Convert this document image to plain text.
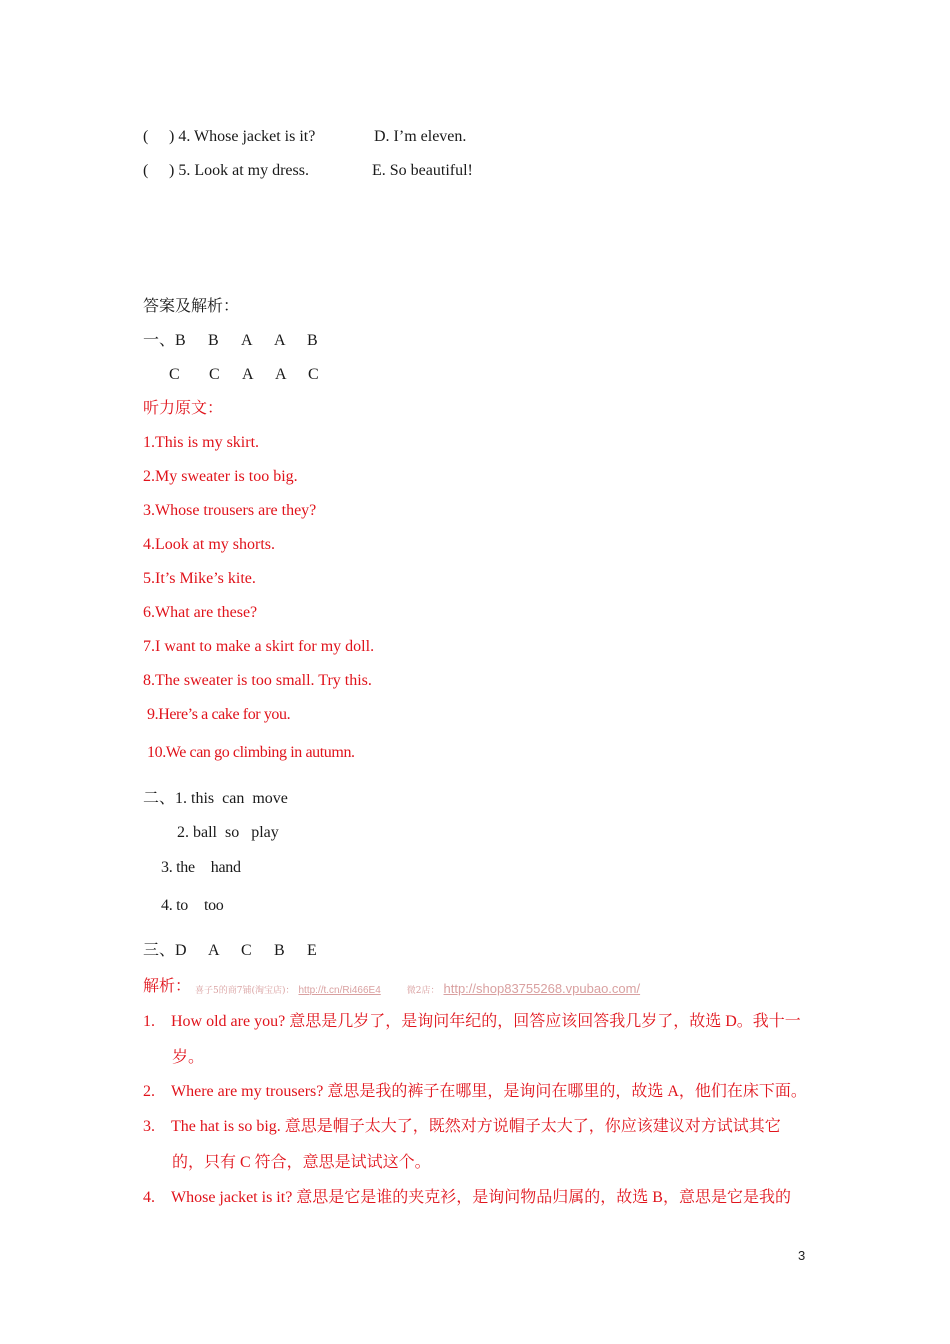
( ) 4. Whose jacket is it?	D. I’m eleven.
( ) 5. Look at my dress.	E. So beautiful!
答案及解析：
一、B B A A B
C C A A C
听力原文：
1.This is my skirt.
2.My sweater is too big.
3.Whose trousers are they?
4.Look at my shorts.
5.It’s Mike’s kite.
6.What are these?
7.I want to make a skirt for my doll.
8.The sweater is too small. Try this.
9.Here’s a cake for you.
10.We can go climbing in autumn.
二、1. this can move
2. ball so play
3. the hand
4. to too
三、D A C B E
解析： 喜子5的商7铺(淘宝店)： http://t.cn/Ri466E4	微2店： http://shop83755268.vpubao.com/
1. How old are you? 意思是几岁了，是询问年纪的，回答应该回答我几岁了，故选 D。我十一
岁。
2. Where are my trousers? 意思是我的裤子在哪里，是询问在哪里的，故选 A，他们在床下面。
3. The hat is so big. 意思是帽子太大了，既然对方说帽子太大了，你应该建议对方试试其它
的，只有 C 符合，意思是试试这个。
4. Whose jacket is it? 意思是它是谁的夹克衫，是询问物品归属的，故选 B，意思是它是我的
3
